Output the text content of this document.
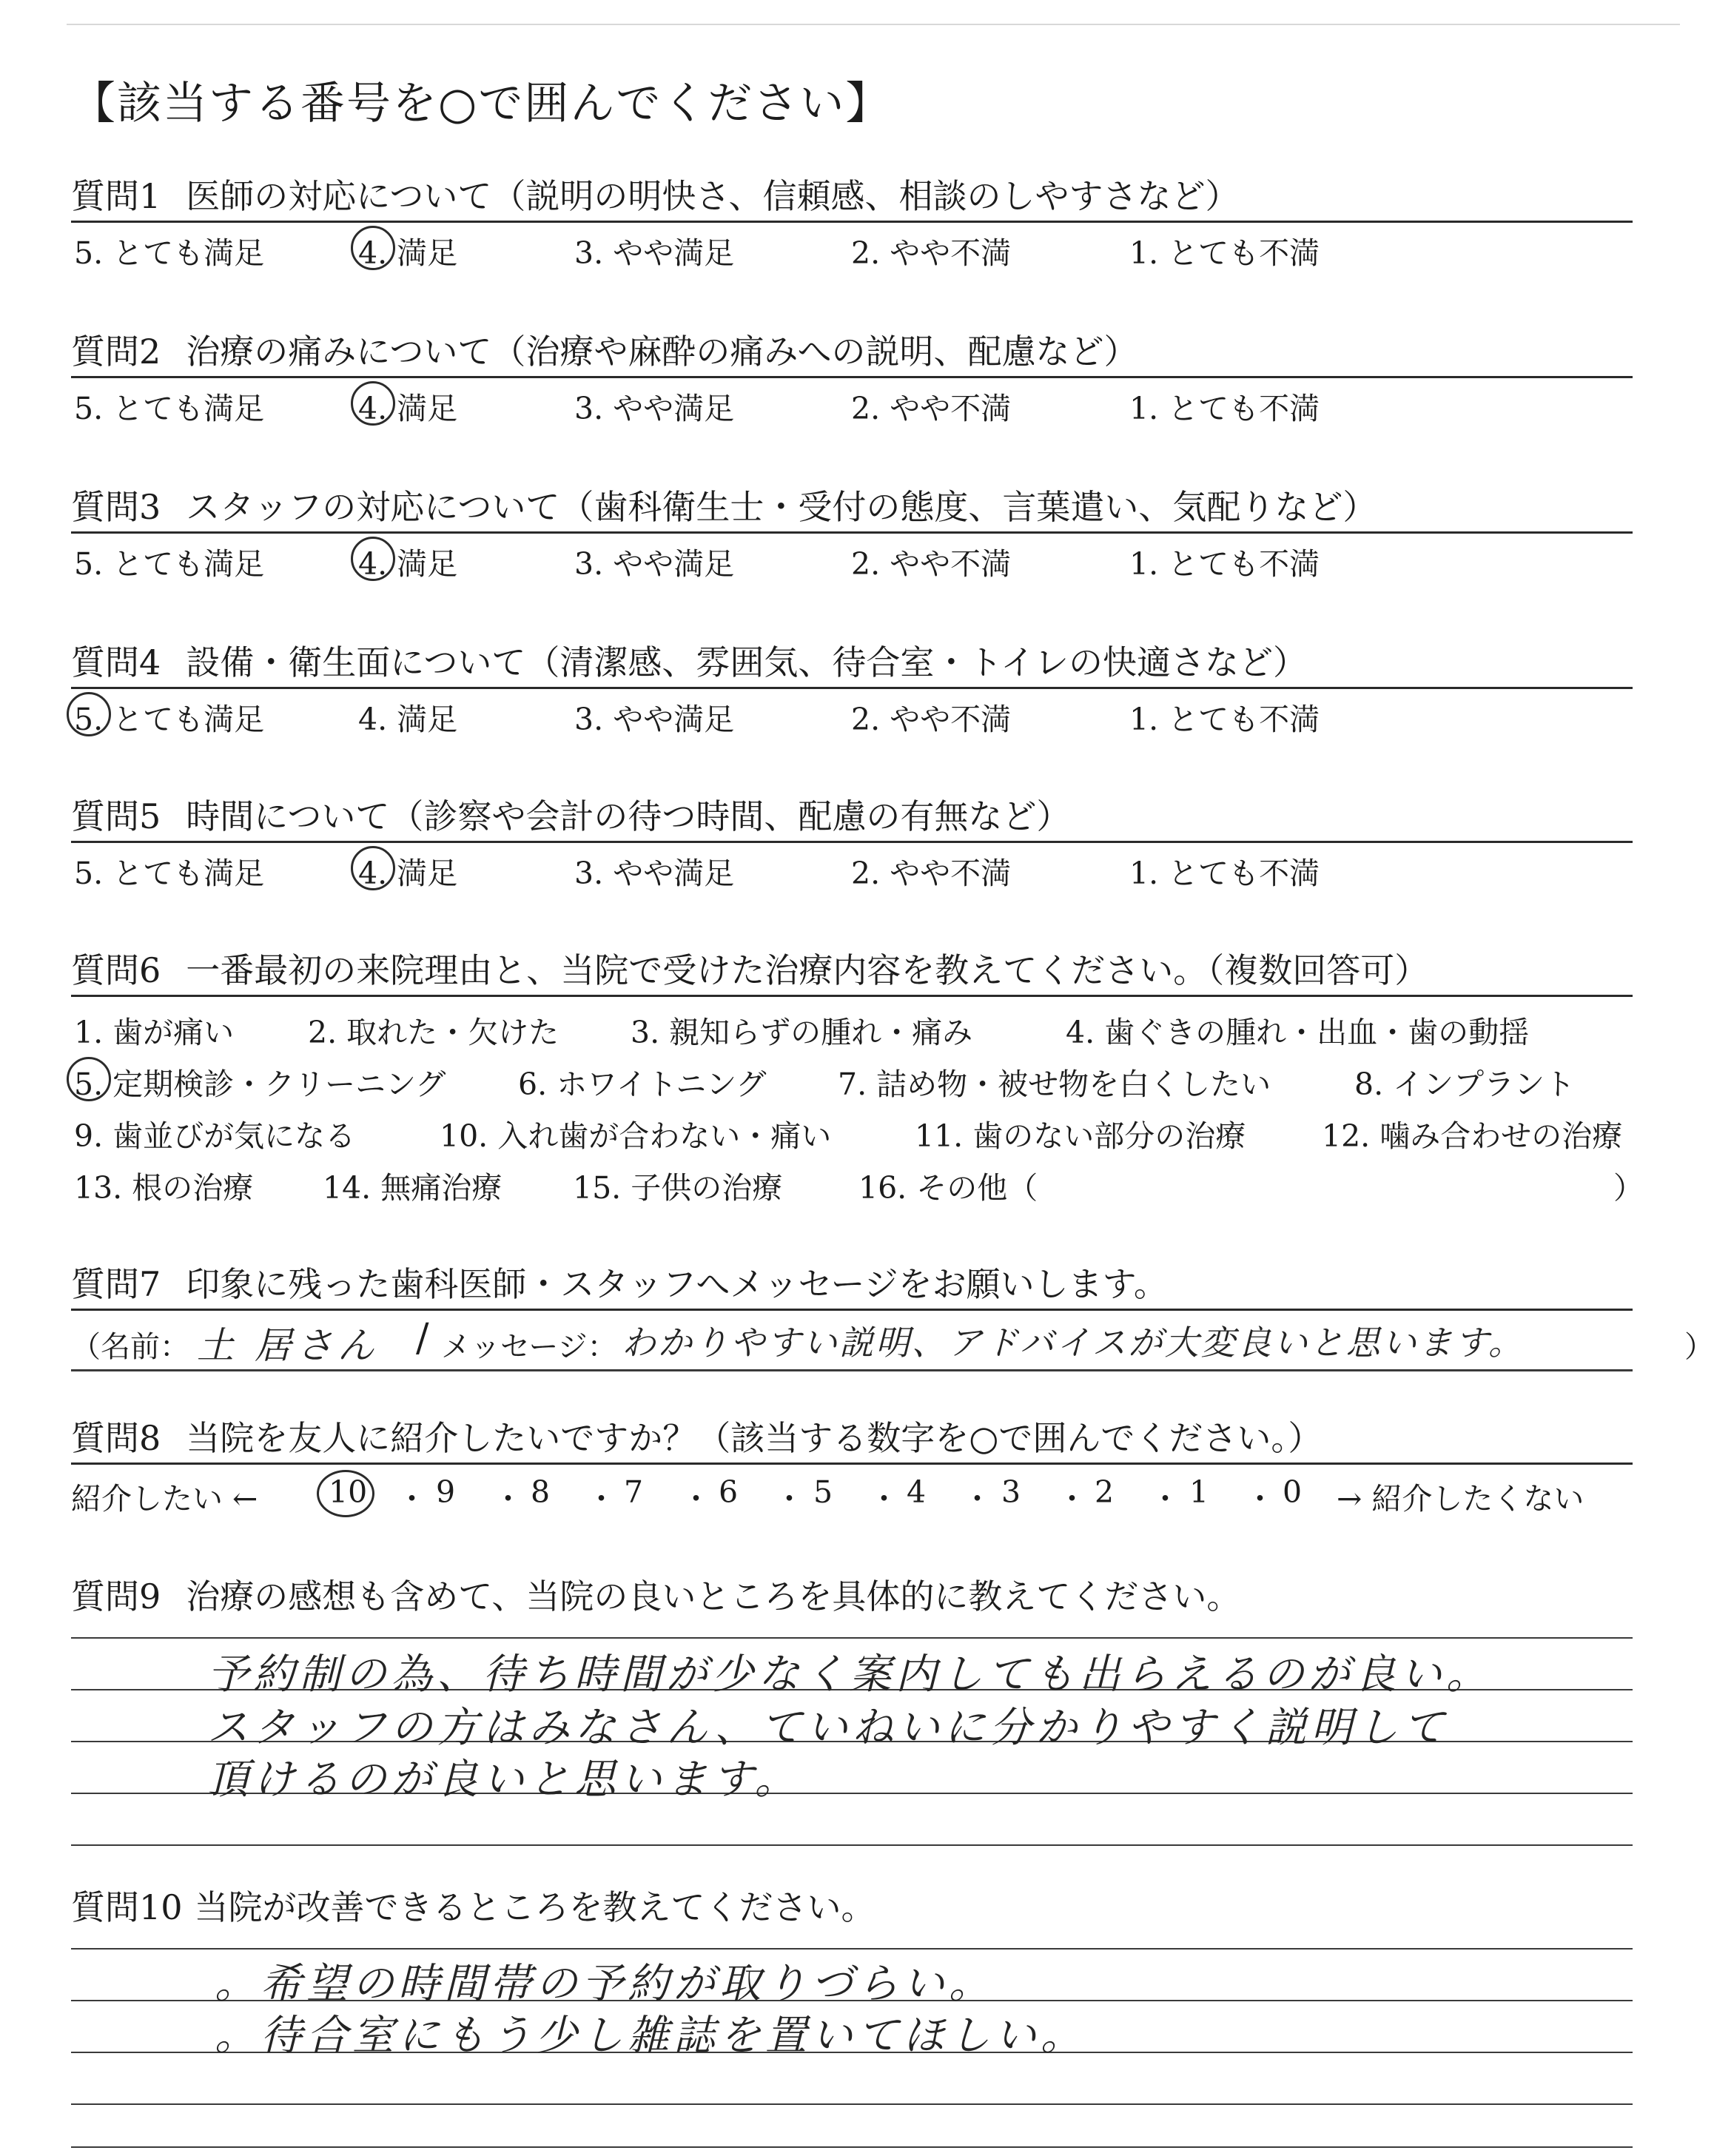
【該当する番号を○で囲んでください】
質問1 医師の対応について（説明の明快さ、信頼感、相談のしやすさなど）
5. とても満足	4. 満足	3. やや満足	2. やや不満	1. とても不満
質問2 治療の痛みについて（治療や麻酔の痛みへの説明、配慮など）
5. とても満足	4. 満足	3. やや満足	2. やや不満	1. とても不満
質問3 スタッフの対応について（歯科衛生士・受付の態度、言葉遣い、気配りなど）
5. とても満足	4. 満足	3. やや満足	2. やや不満	1. とても不満
質問4 設備・衛生面について（清潔感、雰囲気、待合室・トイレの快適さなど）
5. とても満足	4. 満足	3. やや満足	2. やや不満	1. とても不満
質問5 時間について（診察や会計の待つ時間、配慮の有無など）
5. とても満足	4. 満足	3. やや満足	2. やや不満	1. とても不満
質問6 一番最初の来院理由と、当院で受けた治療内容を教えてください。（複数回答可）
1. 歯が痛い 2. 取れた・欠けた 3. 親知らずの腫れ・痛み	4. 歯ぐきの腫れ・出血・歯の動揺
5. 定期検診・クリーニング 6. ホワイトニング 7. 詰め物・被せ物を白くしたい	8. インプラント
9. 歯並びが気になる	10. 入れ歯が合わない・痛い	11. 歯のない部分の治療	12. 噛み合わせの治療
13. 根の治療 14. 無痛治療 15. 子供の治療	16. その他（	）
質問7 印象に残った歯科医師・スタッフへメッセージをお願いします。
（名前： 土 居さん / メッセージ： わかりやすい説明、アドバイスが大変良いと思います。	）
質問8 当院を友人に紹介したいですか？（該当する数字を○で囲んでください。）
紹介したい ← 10 ・ 9 ・ 8 ・ 7 ・ 6 ・ 5 ・ 4 ・ 3 ・ 2 ・ 1 ・ 0 → 紹介したくない
質問9 治療の感想も含めて、当院の良いところを具体的に教えてください。
予約制の為、待ち時間が少なく案内しても出らえるのが良い。
スタッフの方はみなさん、ていねいに分かりやすく説明して
頂けるのが良いと思います。
質問10 当院が改善できるところを教えてください。
。希望の時間帯の予約が取りづらい。
。待合室にもう少し雑誌を置いてほしい。
